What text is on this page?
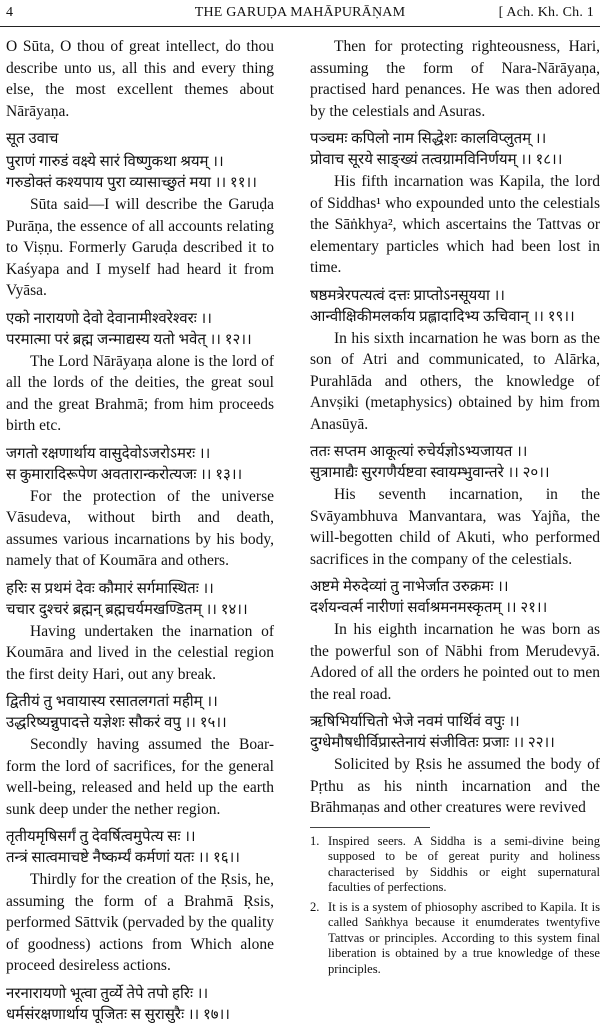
4	THE GARUḌA MAHĀPURĀṆAM	[ Ach. Kh. Ch. 1

O Sūta, O thou of great intellect, do thou describe unto us, all this and every thing else, the most excellent themes about Nārāyaṇa.

सूत उवाच
पुराणं गारुडं वक्ष्ये सारं विष्णुकथा श्रयम् ।।
गरुडोक्तं कश्यपाय पुरा व्यासाच्छुतं मया ।। ११।।

Sūta said—I will describe the Garuḍa Purāṇa, the essence of all accounts relating to Viṣṇu. Formerly Garuḍa described it to Kaśyapa and I myself had heard it from Vyāsa.

एको नारायणो देवो देवानामीश्वरेश्वरः ।।
परमात्मा परं ब्रह्म जन्माद्यस्य यतो भवेत् ।। १२।।

The Lord Nārāyaṇa alone is the lord of all the lords of the deities, the great soul and the great Brahmā; from him proceeds birth etc.

जगतो रक्षणार्थाय वासुदेवोऽजरोऽमरः ।।
स कुमारादिरूपेण अवतारान्करोत्यजः ।। १३।।

For the protection of the universe Vāsudeva, without birth and death, assumes various incarnations by his body, namely that of Koumāra and others.

हरिः स प्रथमं देवः कौमारं सर्गमास्थितः ।।
चचार दुश्चरं ब्रह्मन् ब्रह्मचर्यमखण्डितम् ।। १४।।

Having undertaken the inarnation of Koumāra and lived in the celestial region the first deity Hari, out any break.

द्वितीयं तु भवायास्य रसातलगतां महीम् ।।
उद्धरिष्यन्नुपादत्ते यज्ञेशः सौकरं वपु ।। १५।।

Secondly having assumed the Boar-form the lord of sacrifices, for the general well-being, released and held up the earth sunk deep under the nether region.

तृतीयमृषिसर्गं तु देवर्षित्वमुपेत्य सः ।।
तन्त्रं सात्वमाचष्टे नैष्कर्म्यं कर्मणां यतः ।। १६।।

Thirdly for the creation of the Ṛsis, he, assuming the form of a Brahmā Ṛsis, performed Sāttvik (pervaded by the quality of goodness) actions from Which alone proceed desireless actions.

नरनारायणो भूत्वा तुर्व्ये तेपे तपो हरिः ।।
धर्मसंरक्षणार्थाय पूजितः स सुरासुरैः ।। १७।।

Then for protecting righteousness, Hari, assuming the form of Nara-Nārāyaṇa, practised hard penances. He was then adored by the celestials and Asuras.

पञ्चमः कपिलो नाम सिद्धेशः कालविप्लुतम् ।।
प्रोवाच सूरये साङ्ख्यं तत्वग्रामविनिर्णयम् ।। १८।।

His fifth incarnation was Kapila, the lord of Siddhas¹ who expounded unto the celestials the Sāṅkhya², which ascertains the Tattvas or elementary particles which had been lost in time.

षष्ठमत्रेरपत्यत्वं दत्तः प्राप्तोऽनसूयया ।।
आन्वीक्षिकीमलर्काय प्रह्लादादिभ्य ऊचिवान् ।। १९।।

In his sixth incarnation he was born as the son of Atri and communicated, to Alārka, Purahlāda and others, the knowledge of Anvṣiki (metaphysics) obtained by him from Anasūyā.

ततः सप्तम आकूत्यां रुचेर्यज्ञोऽभ्यजायत ।।
सुत्रामाद्यैः सुरगणैर्यष्टवा स्वायम्भुवान्तरे ।। २०।।

His seventh incarnation, in the Svāyambhuva Manvantara, was Yajña, the will-begotten child of Akuti, who performed sacrifices in the company of the celestials.

अष्टमे मेरुदेव्यां तु नाभेर्जात उरुक्रमः ।।
दर्शयन्वर्त्म नारीणां सर्वाश्रमनमस्कृतम् ।। २१।।

In his eighth incarnation he was born as the powerful son of Nābhi from Merudevyā. Adored of all the orders he pointed out to men the real road.

ऋषिभिर्याचितो भेजे नवमं पार्थिवं वपुः ।।
दुग्धेमौषधीर्विप्रास्तेनायं संजीवितः प्रजाः ।। २२।।

Solicited by Ṛsis he assumed the body of Pṛthu as his ninth incarnation and the Brāhmaṇas and other creatures were revived

1. Inspired seers. A Siddha is a semi-divine being supposed to be of gereat purity and holiness characterised by Siddhis or eight supernatural faculties of perfections.
2. It is is a system of phiosophy ascribed to Kapila. It is called Saṅkhya because it enumderates twentyfive Tattvas or principles. According to this system final liberation is obtained by a true knowledge of these principles.
